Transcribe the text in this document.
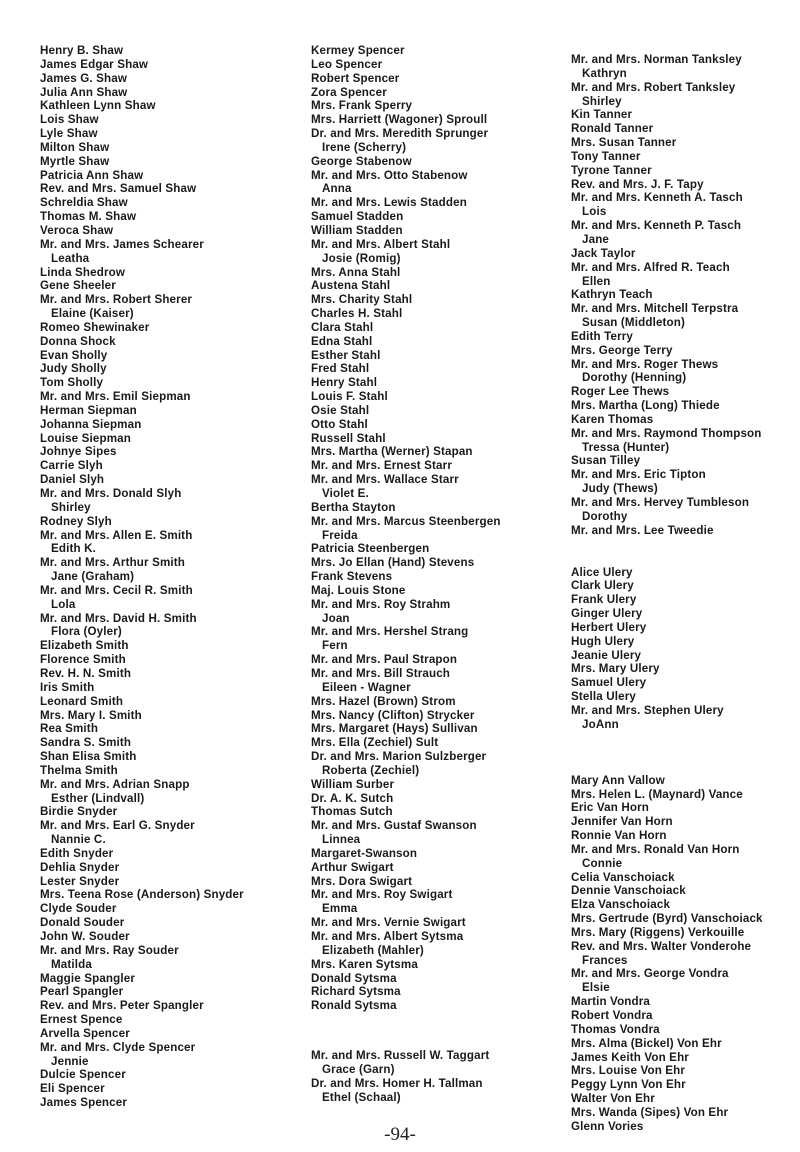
Henry B. Shaw
James Edgar Shaw
James G. Shaw
Julia Ann Shaw
Kathleen Lynn Shaw
Lois Shaw
Lyle Shaw
Milton Shaw
Myrtle Shaw
Patricia Ann Shaw
Rev. and Mrs. Samuel Shaw
Schreldia Shaw
Thomas M. Shaw
Veroca Shaw
Mr. and Mrs. James Schearer
Leatha
Linda Shedrow
Gene Sheeler
Mr. and Mrs. Robert Sherer
Elaine (Kaiser)
Romeo Shewinaker
Donna Shock
Evan Sholly
Judy Sholly
Tom Sholly
Mr. and Mrs. Emil Siepman
Herman Siepman
Johanna Siepman
Louise Siepman
Johnye Sipes
Carrie Slyh
Daniel Slyh
Mr. and Mrs. Donald Slyh
Shirley
Rodney Slyh
Mr. and Mrs. Allen E. Smith
Edith K.
Mr. and Mrs. Arthur Smith
Jane (Graham)
Mr. and Mrs. Cecil R. Smith
Lola
Mr. and Mrs. David H. Smith
Flora (Oyler)
Elizabeth Smith
Florence Smith
Rev. H. N. Smith
Iris Smith
Leonard Smith
Mrs. Mary I. Smith
Rea Smith
Sandra S. Smith
Shan Elisa Smith
Thelma Smith
Mr. and Mrs. Adrian Snapp
Esther (Lindvall)
Birdie Snyder
Mr. and Mrs. Earl G. Snyder
Nannie C.
Edith Snyder
Dehlia Snyder
Lester Snyder
Mrs. Teena Rose (Anderson) Snyder
Clyde Souder
Donald Souder
John W. Souder
Mr. and Mrs. Ray Souder
Matilda
Maggie Spangler
Pearl Spangler
Rev. and Mrs. Peter Spangler
Ernest Spence
Arvella Spencer
Mr. and Mrs. Clyde Spencer
Jennie
Dulcie Spencer
Eli Spencer
James Spencer
Kermey Spencer
Leo Spencer
Robert Spencer
Zora Spencer
Mrs. Frank Sperry
Mrs. Harriett (Wagoner) Sproull
Dr. and Mrs. Meredith Sprunger
Irene (Scherry)
George Stabenow
Mr. and Mrs. Otto Stabenow
Anna
Mr. and Mrs. Lewis Stadden
Samuel Stadden
William Stadden
Mr. and Mrs. Albert Stahl
Josie (Romig)
Mrs. Anna Stahl
Austena Stahl
Mrs. Charity Stahl
Charles H. Stahl
Clara Stahl
Edna Stahl
Esther Stahl
Fred Stahl
Henry Stahl
Louis F. Stahl
Osie Stahl
Otto Stahl
Russell Stahl
Mrs. Martha (Werner) Stapan
Mr. and Mrs. Ernest Starr
Mr. and Mrs. Wallace Starr
Violet E.
Bertha Stayton
Mr. and Mrs. Marcus Steenbergen
Freida
Patricia Steenbergen
Mrs. Jo Ellan (Hand) Stevens
Frank Stevens
Maj. Louis Stone
Mr. and Mrs. Roy Strahm
Joan
Mr. and Mrs. Hershel Strang
Fern
Mr. and Mrs. Paul Strapon
Mr. and Mrs. Bill Strauch
Eileen - Wagner
Mrs. Hazel (Brown) Strom
Mrs. Nancy (Clifton) Strycker
Mrs. Margaret (Hays) Sullivan
Mrs. Ella (Zechiel) Sult
Dr. and Mrs. Marion Sulzberger
Roberta (Zechiel)
William Surber
Dr. A. K. Sutch
Thomas Sutch
Mr. and Mrs. Gustaf Swanson
Linnea
Margaret-Swanson
Arthur Swigart
Mrs. Dora Swigart
Mr. and Mrs. Roy Swigart
Emma
Mr. and Mrs. Vernie Swigart
Mr. and Mrs. Albert Sytsma
Elizabeth (Mahler)
Mrs. Karen Sytsma
Donald Sytsma
Richard Sytsma
Ronald Sytsma
Mr. and Mrs. Russell W. Taggart
Grace (Garn)
Dr. and Mrs. Homer H. Tallman
Ethel (Schaal)
Mr. and Mrs. Norman Tanksley
Kathryn
Mr. and Mrs. Robert Tanksley
Shirley
Kin Tanner
Ronald Tanner
Mrs. Susan Tanner
Tony Tanner
Tyrone Tanner
Rev. and Mrs. J. F. Tapy
Mr. and Mrs. Kenneth A. Tasch
Lois
Mr. and Mrs. Kenneth P. Tasch
Jane
Jack Taylor
Mr. and Mrs. Alfred R. Teach
Ellen
Kathryn Teach
Mr. and Mrs. Mitchell Terpstra
Susan (Middleton)
Edith Terry
Mrs. George Terry
Mr. and Mrs. Roger Thews
Dorothy (Henning)
Roger Lee Thews
Mrs. Martha (Long) Thiede
Karen Thomas
Mr. and Mrs. Raymond Thompson
Tressa (Hunter)
Susan Tilley
Mr. and Mrs. Eric Tipton
Judy (Thews)
Mr. and Mrs. Hervey Tumbleson
Dorothy
Mr. and Mrs. Lee Tweedie
Alice Ulery
Clark Ulery
Frank Ulery
Ginger Ulery
Herbert Ulery
Hugh Ulery
Jeanie Ulery
Mrs. Mary Ulery
Samuel Ulery
Stella Ulery
Mr. and Mrs. Stephen Ulery
JoAnn
Mary Ann Vallow
Mrs. Helen L. (Maynard) Vance
Eric Van Horn
Jennifer Van Horn
Ronnie Van Horn
Mr. and Mrs. Ronald Van Horn
Connie
Celia Vanschoiack
Dennie Vanschoiack
Elza Vanschoiack
Mrs. Gertrude (Byrd) Vanschoiack
Mrs. Mary (Riggens) Verkouille
Rev. and Mrs. Walter Vonderohe
Frances
Mr. and Mrs. George Vondra
Elsie
Martin Vondra
Robert Vondra
Thomas Vondra
Mrs. Alma (Bickel) Von Ehr
James Keith Von Ehr
Mrs. Louise Von Ehr
Peggy Lynn Von Ehr
Walter Von Ehr
Mrs. Wanda (Sipes) Von Ehr
Glenn Vories
-94-
